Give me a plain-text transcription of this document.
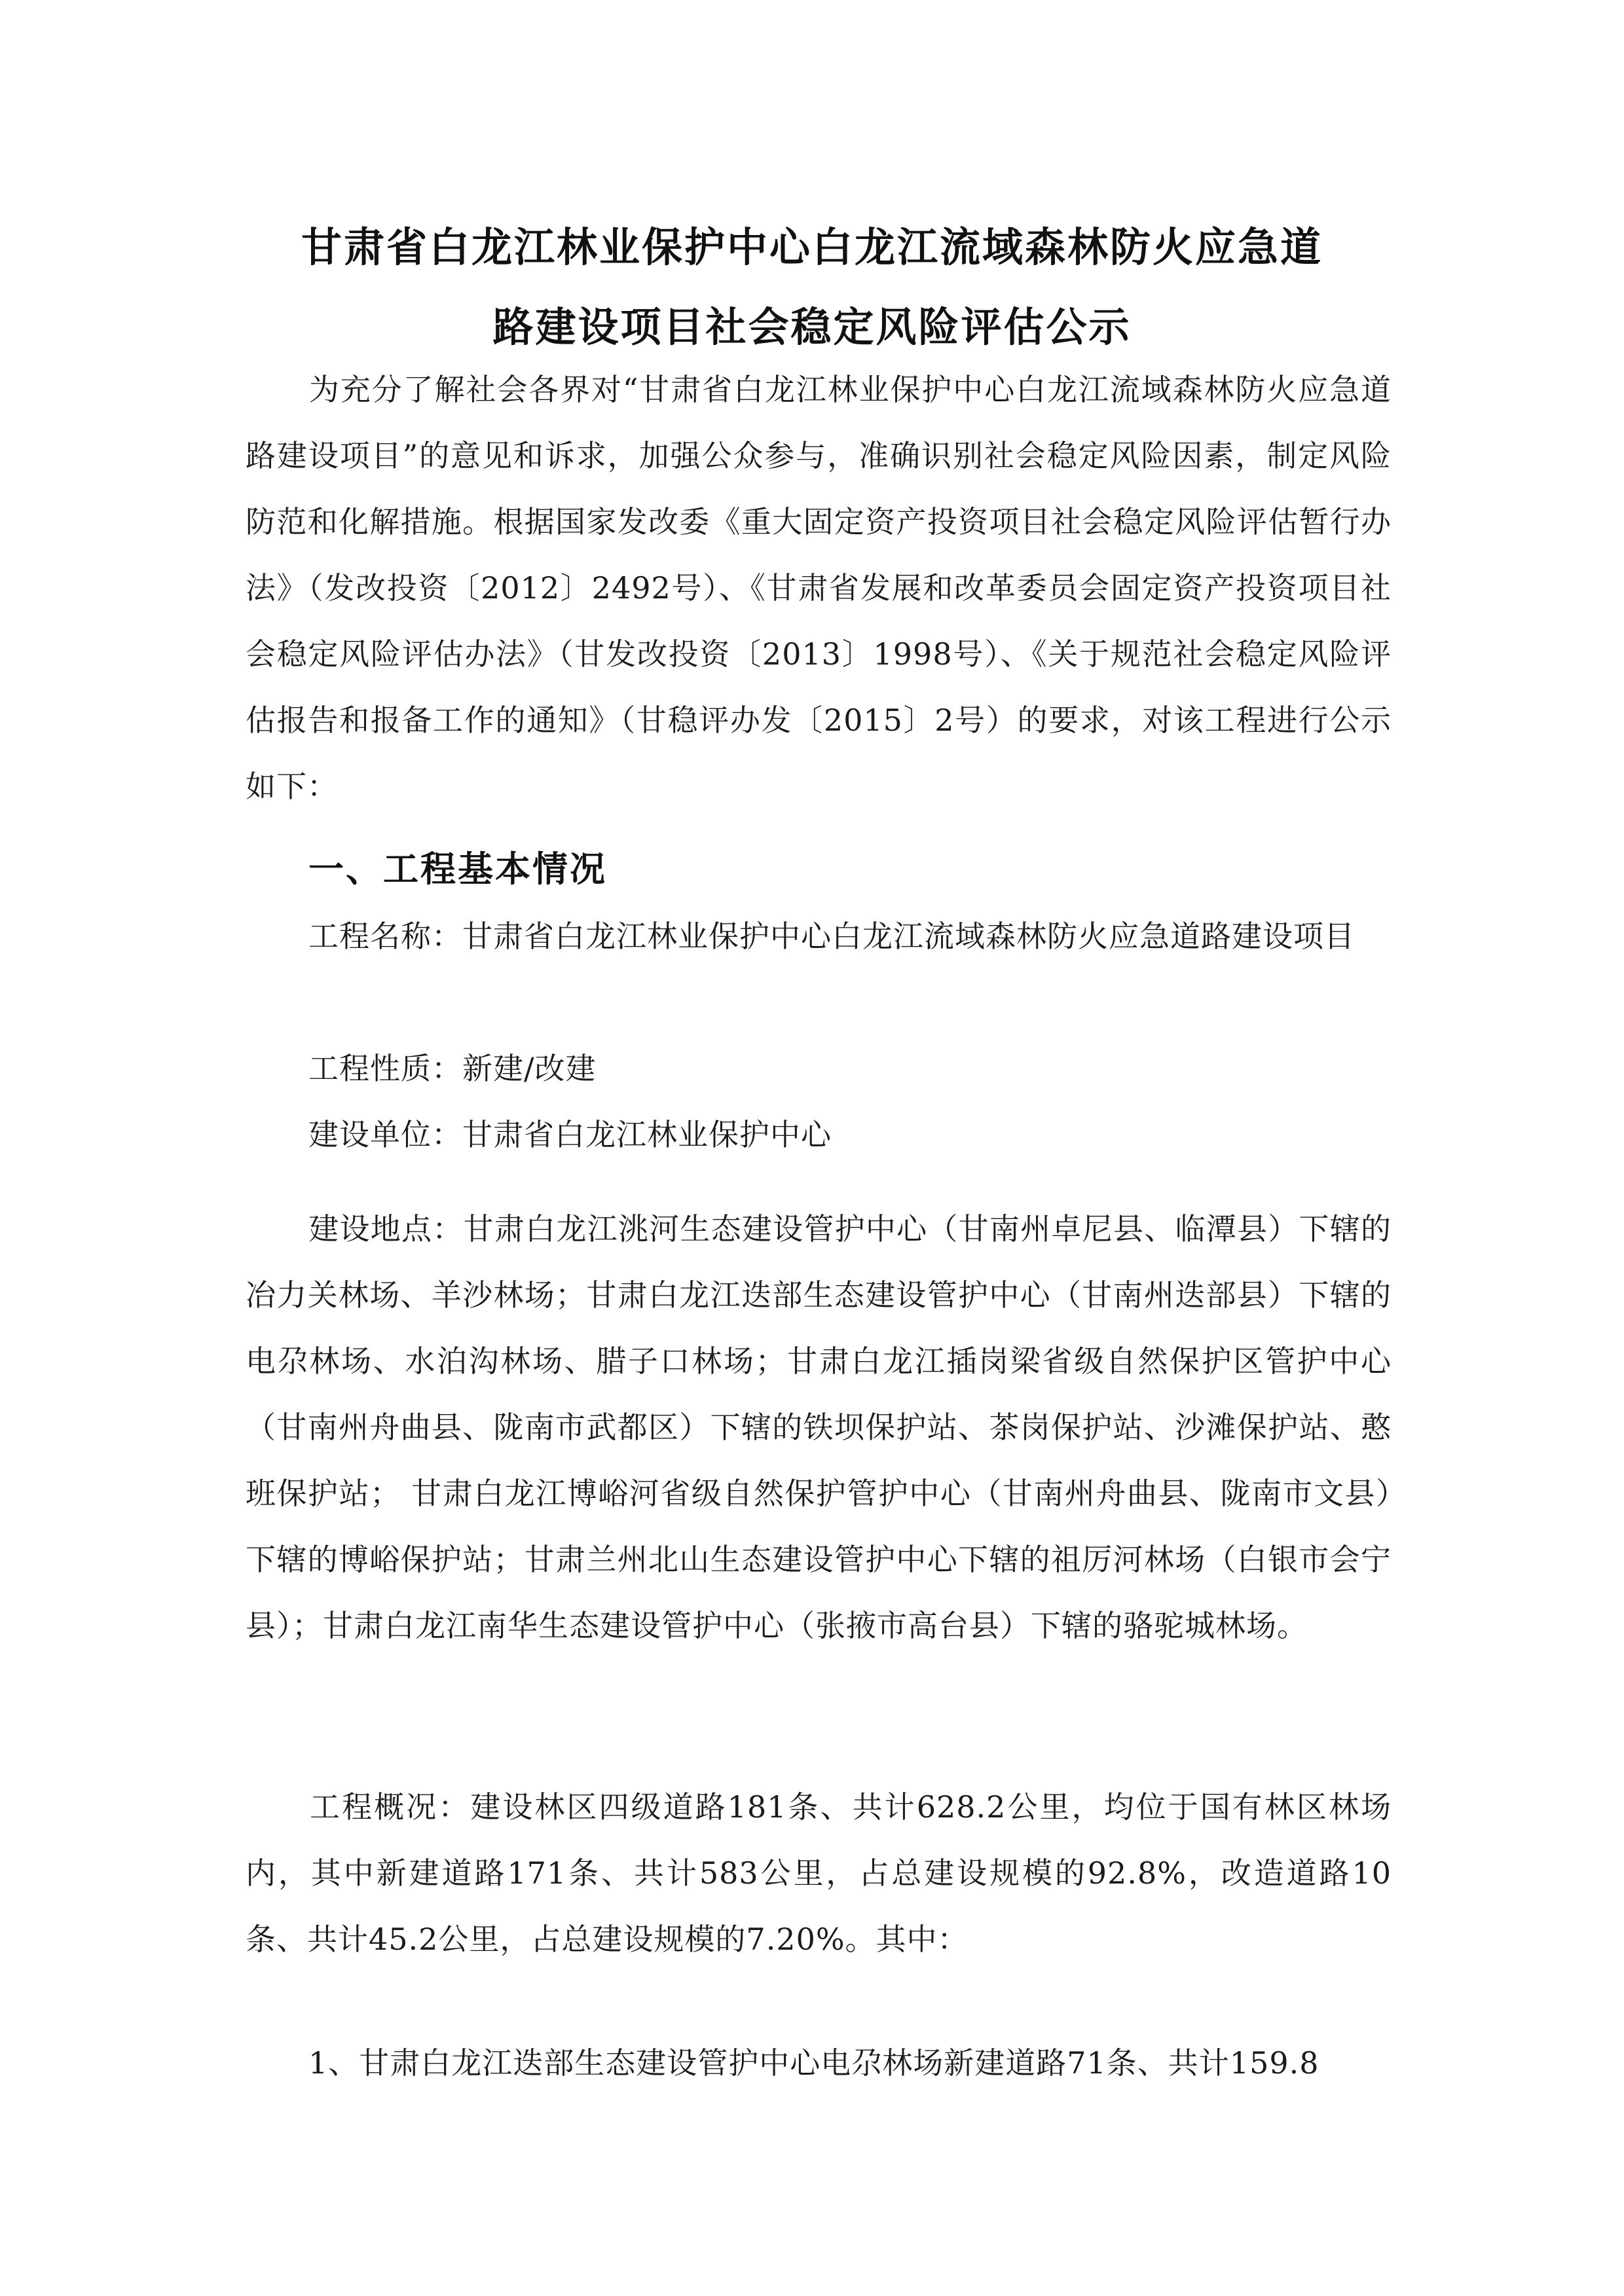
甘肃省白龙江林业保护中心白龙江流域森林防火应急道
路建设项目社会稳定风险评估公示

为充分了解社会各界对“甘肃省白龙江林业保护中心白龙江流域森林防火应急道路建设项目”的意见和诉求，加强公众参与，准确识别社会稳定风险因素，制定风险防范和化解措施。根据国家发改委《重大固定资产投资项目社会稳定风险评估暂行办法》（发改投资〔2012〕2492号）、《甘肃省发展和改革委员会固定资产投资项目社会稳定风险评估办法》（甘发改投资〔2013〕1998号）、《关于规范社会稳定风险评估报告和报备工作的通知》（甘稳评办发〔2015〕2号）的要求，对该工程进行公示如下：

一、工程基本情况

工程名称：甘肃省白龙江林业保护中心白龙江流域森林防火应急道路建设项目

工程性质：新建/改建

建设单位：甘肃省白龙江林业保护中心

建设地点：甘肃白龙江洮河生态建设管护中心（甘南州卓尼县、临潭县）下辖的冶力关林场、羊沙林场；甘肃白龙江迭部生态建设管护中心（甘南州迭部县）下辖的电尕林场、水泊沟林场、腊子口林场；甘肃白龙江插岗梁省级自然保护区管护中心（甘南州舟曲县、陇南市武都区）下辖的铁坝保护站、茶岗保护站、沙滩保护站、憨班保护站； 甘肃白龙江博峪河省级自然保护管护中心（甘南州舟曲县、陇南市文县）下辖的博峪保护站；甘肃兰州北山生态建设管护中心下辖的祖厉河林场（白银市会宁县）；甘肃白龙江南华生态建设管护中心（张掖市高台县）下辖的骆驼城林场。

工程概况：建设林区四级道路181条、共计628.2公里，均位于国有林区林场内，其中新建道路171条、共计583公里，占总建设规模的92.8%，改造道路10条、共计45.2公里，占总建设规模的7.20%。其中：

1、甘肃白龙江迭部生态建设管护中心电尕林场新建道路71条、共计159.8
